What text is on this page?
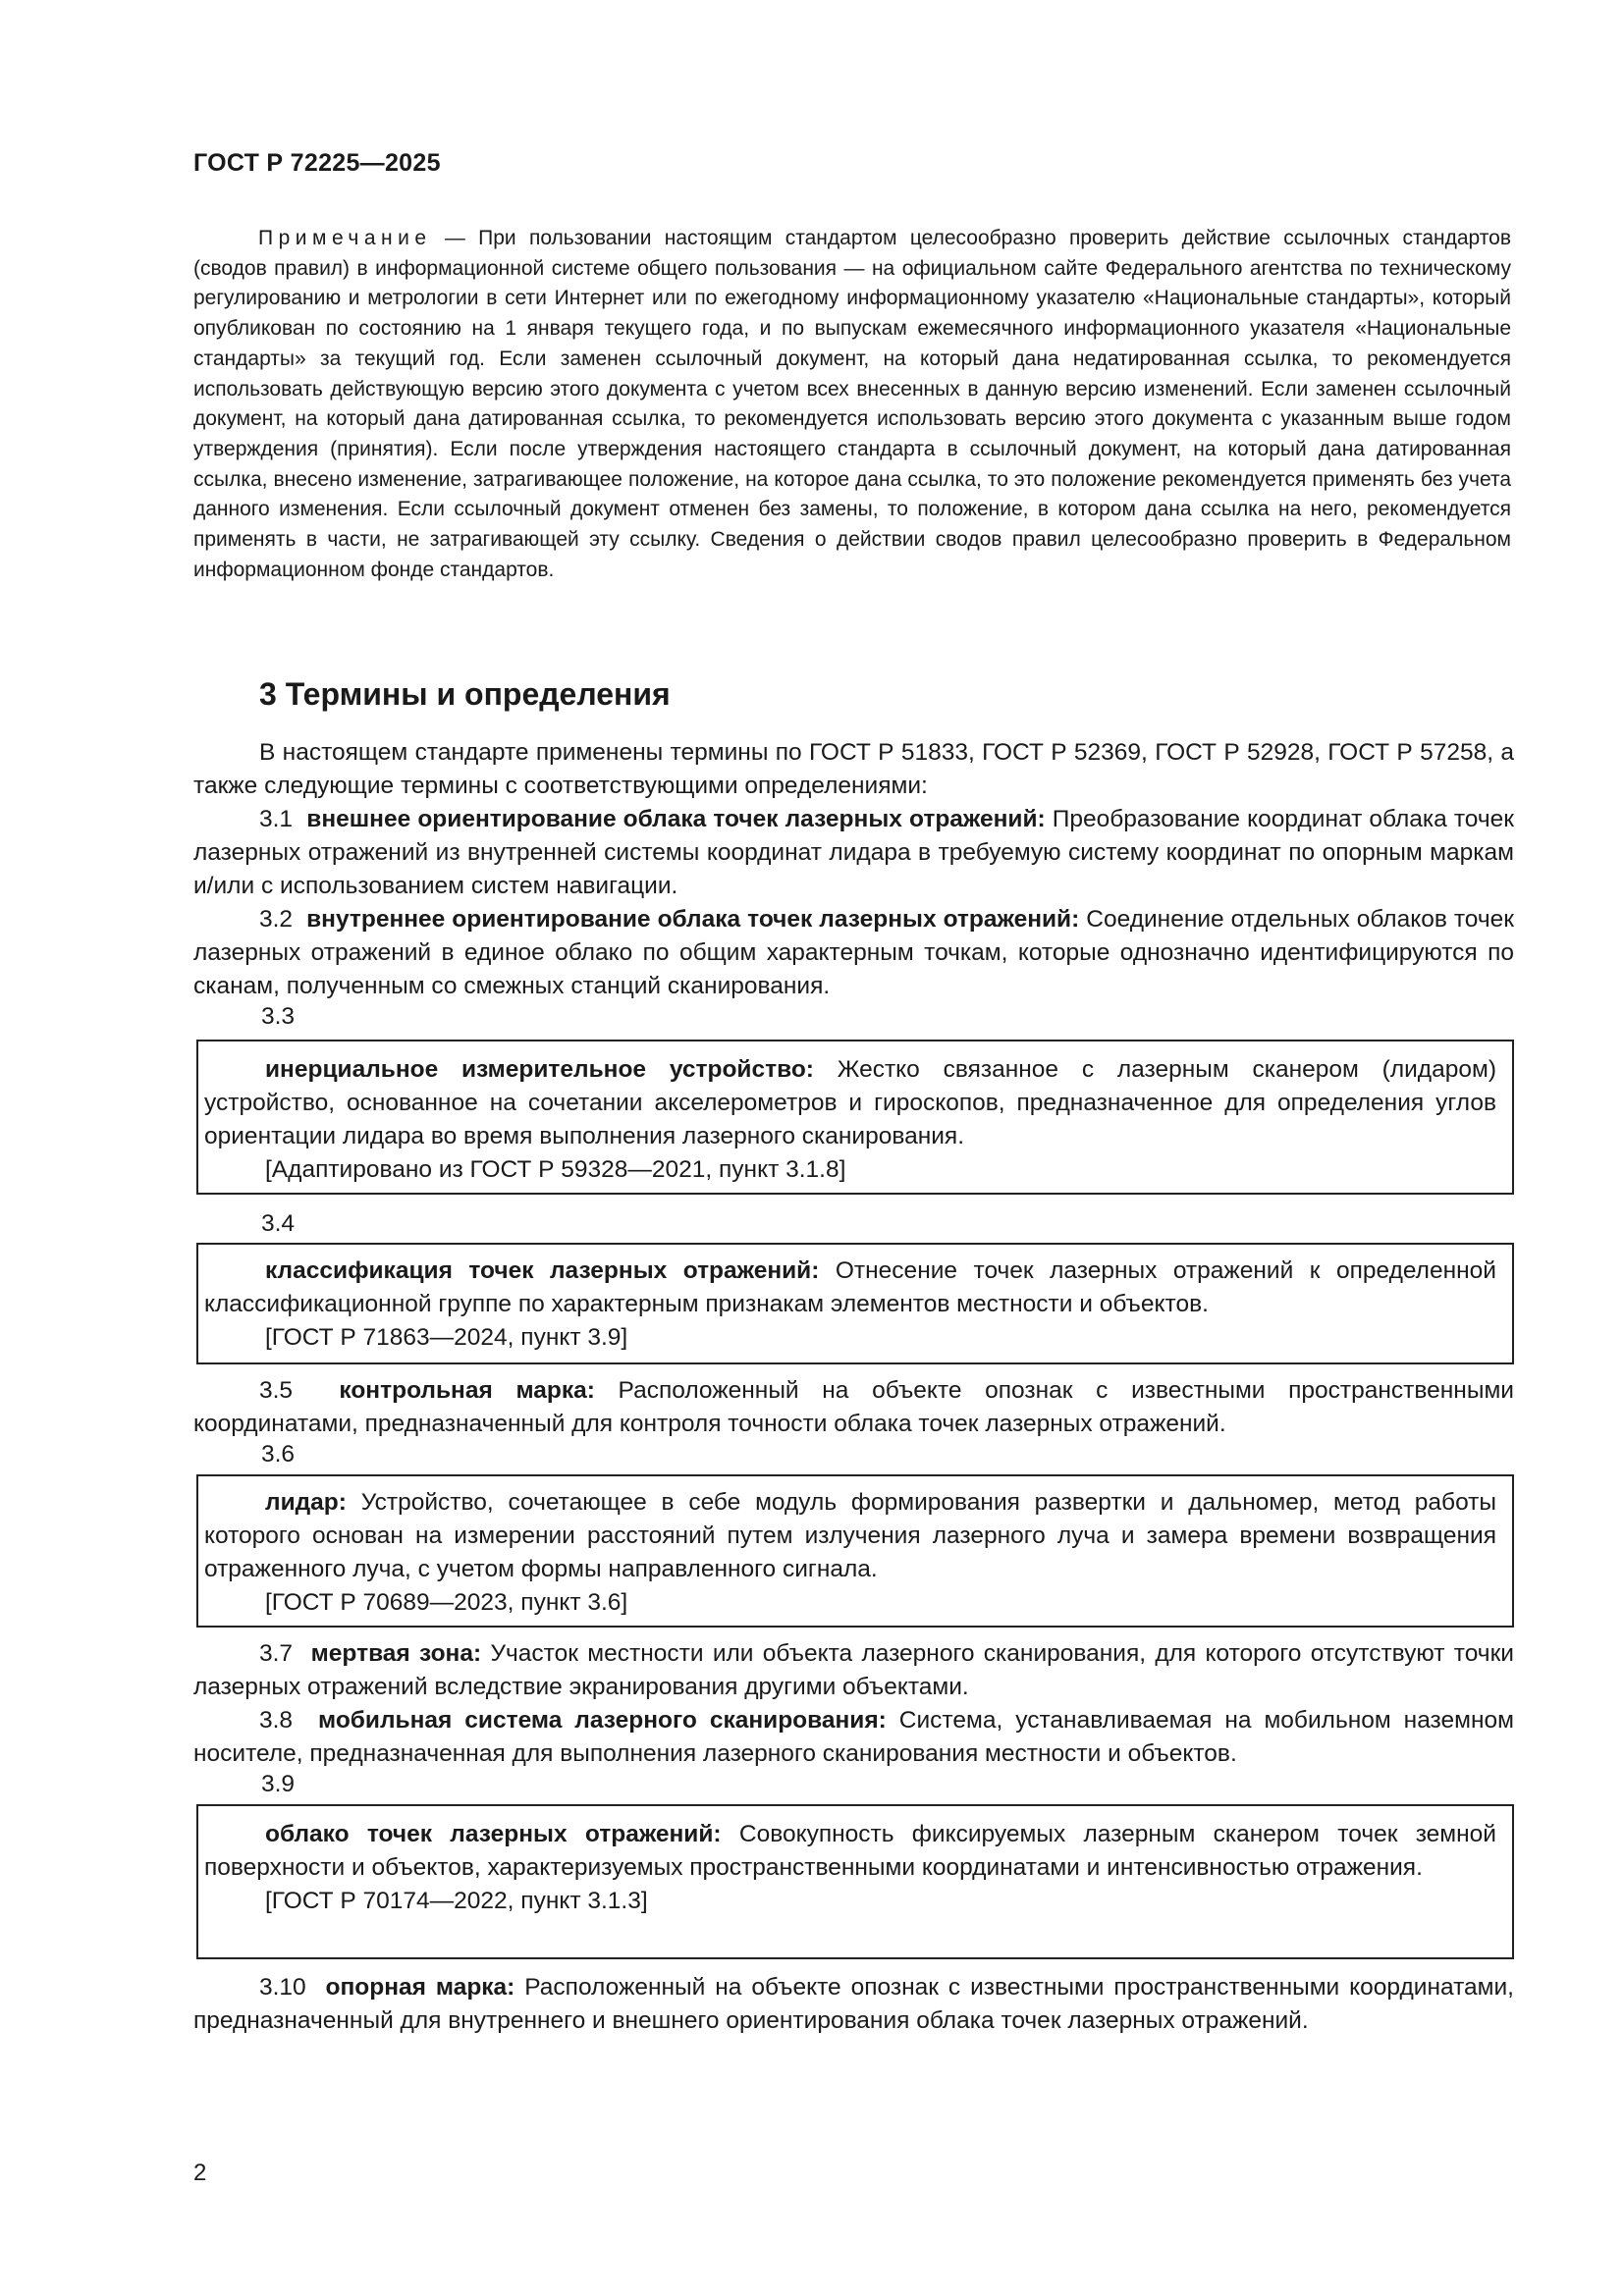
ГОСТ Р 72225—2025
Примечание — При пользовании настоящим стандартом целесообразно проверить действие ссылочных стандартов (сводов правил) в информационной системе общего пользования — на официальном сайте Федерального агентства по техническому регулированию и метрологии в сети Интернет или по ежегодному информационному указателю «Национальные стандарты», который опубликован по состоянию на 1 января текущего года, и по выпускам ежемесячного информационного указателя «Национальные стандарты» за текущий год. Если заменен ссылочный документ, на который дана недатированная ссылка, то рекомендуется использовать действующую версию этого документа с учетом всех внесенных в данную версию изменений. Если заменен ссылочный документ, на который дана датированная ссылка, то рекомендуется использовать версию этого документа с указанным выше годом утверждения (принятия). Если после утверждения настоящего стандарта в ссылочный документ, на который дана датированная ссылка, внесено изменение, затрагивающее положение, на которое дана ссылка, то это положение рекомендуется применять без учета данного изменения. Если ссылочный документ отменен без замены, то положение, в котором дана ссылка на него, рекомендуется применять в части, не затрагивающей эту ссылку. Сведения о действии сводов правил целесообразно проверить в Федеральном информационном фонде стандартов.
3 Термины и определения
В настоящем стандарте применены термины по ГОСТ Р 51833, ГОСТ Р 52369, ГОСТ Р 52928, ГОСТ Р 57258, а также следующие термины с соответствующими определениями:
3.1 внешнее ориентирование облака точек лазерных отражений: Преобразование координат облака точек лазерных отражений из внутренней системы координат лидара в требуемую систему координат по опорным маркам и/или с использованием систем навигации.
3.2 внутреннее ориентирование облака точек лазерных отражений: Соединение отдельных облаков точек лазерных отражений в единое облако по общим характерным точкам, которые однозначно идентифицируются по сканам, полученным со смежных станций сканирования.
3.3
инерциальное измерительное устройство: Жестко связанное с лазерным сканером (лидаром) устройство, основанное на сочетании акселерометров и гироскопов, предназначенное для определения углов ориентации лидара во время выполнения лазерного сканирования.
[Адаптировано из ГОСТ Р 59328—2021, пункт 3.1.8]
3.4
классификация точек лазерных отражений: Отнесение точек лазерных отражений к определенной классификационной группе по характерным признакам элементов местности и объектов.
[ГОСТ Р 71863—2024, пункт 3.9]
3.5 контрольная марка: Расположенный на объекте опознак с известными пространственными координатами, предназначенный для контроля точности облака точек лазерных отражений.
3.6
лидар: Устройство, сочетающее в себе модуль формирования развертки и дальномер, метод работы которого основан на измерении расстояний путем излучения лазерного луча и замера времени возвращения отраженного луча, с учетом формы направленного сигнала.
[ГОСТ Р 70689—2023, пункт 3.6]
3.7 мертвая зона: Участок местности или объекта лазерного сканирования, для которого отсутствуют точки лазерных отражений вследствие экранирования другими объектами.
3.8 мобильная система лазерного сканирования: Система, устанавливаемая на мобильном наземном носителе, предназначенная для выполнения лазерного сканирования местности и объектов.
3.9
облако точек лазерных отражений: Совокупность фиксируемых лазерным сканером точек земной поверхности и объектов, характеризуемых пространственными координатами и интенсивностью отражения.
[ГОСТ Р 70174—2022, пункт 3.1.3]
3.10 опорная марка: Расположенный на объекте опознак с известными пространственными координатами, предназначенный для внутреннего и внешнего ориентирования облака точек лазерных отражений.
2
